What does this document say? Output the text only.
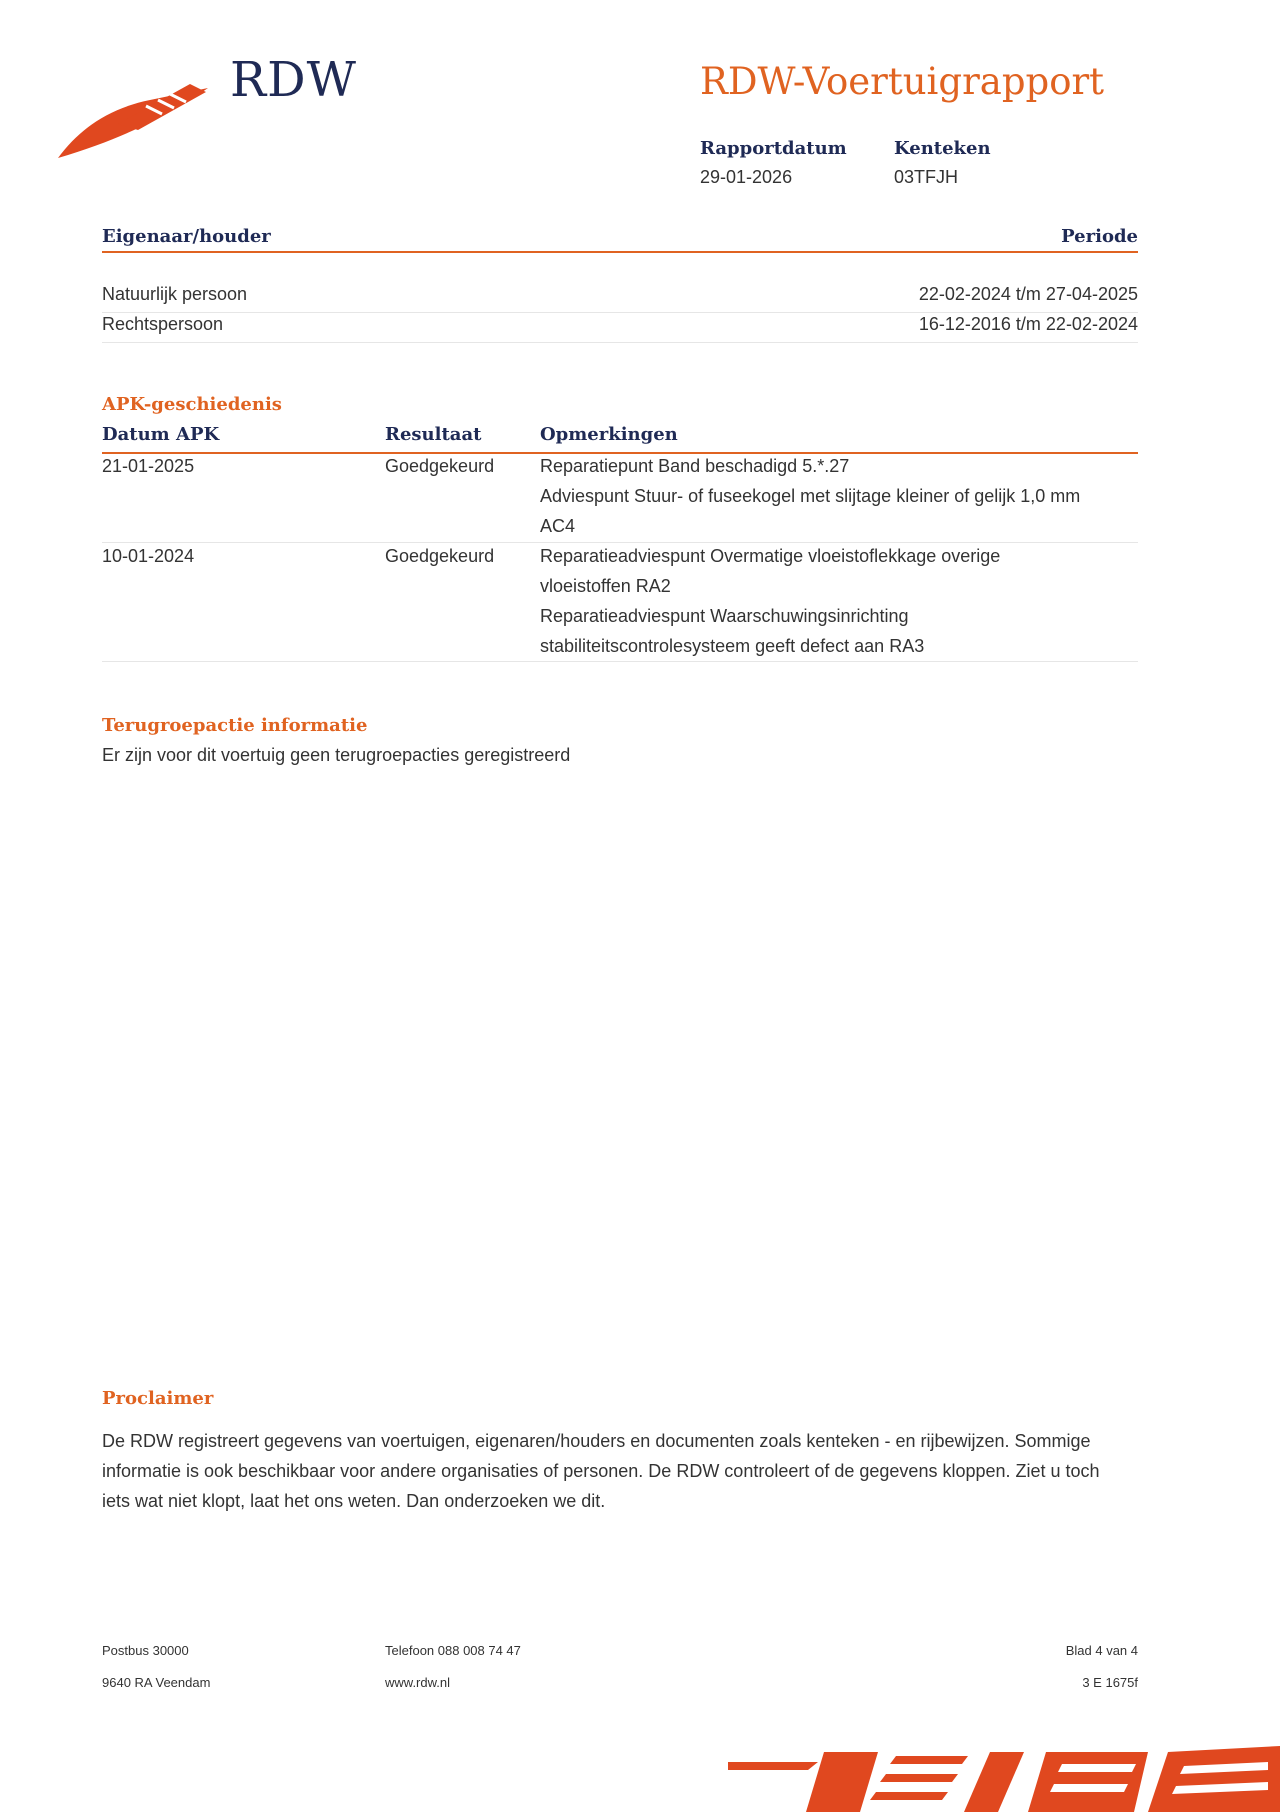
RDW	RDW-Voertuigrapport
Rapportdatum
29-01-2026
Kenteken
03TFJH
Eigenaar/houder	Periode
Natuurlijk persoon	22-02-2024 t/m 27-04-2025
Rechtspersoon	16-12-2016 t/m 22-02-2024
APK-geschiedenis
Datum APK	Resultaat	Opmerkingen
21-01-2025	Goedgekeurd	Reparatiepunt Band beschadigd 5.*.27
Adviespunt Stuur- of fuseekogel met slijtage kleiner of gelijk 1,0 mm AC4
10-01-2024	Goedgekeurd	Reparatieadviespunt Overmatige vloeistoflekkage overige vloeistoffen RA2
Reparatieadviespunt Waarschuwingsinrichting stabiliteitscontrolesysteem geeft defect aan RA3
Terugroepactie informatie
Er zijn voor dit voertuig geen terugroepacties geregistreerd
Proclaimer
De RDW registreert gegevens van voertuigen, eigenaren/houders en documenten zoals kenteken - en rijbewijzen. Sommige informatie is ook beschikbaar voor andere organisaties of personen. De RDW controleert of de gegevens kloppen. Ziet u toch iets wat niet klopt, laat het ons weten. Dan onderzoeken we dit.
Postbus 30000
9640 RA Veendam
Telefoon 088 008 74 47
www.rdw.nl
Blad 4 van 4
3 E 1675f
